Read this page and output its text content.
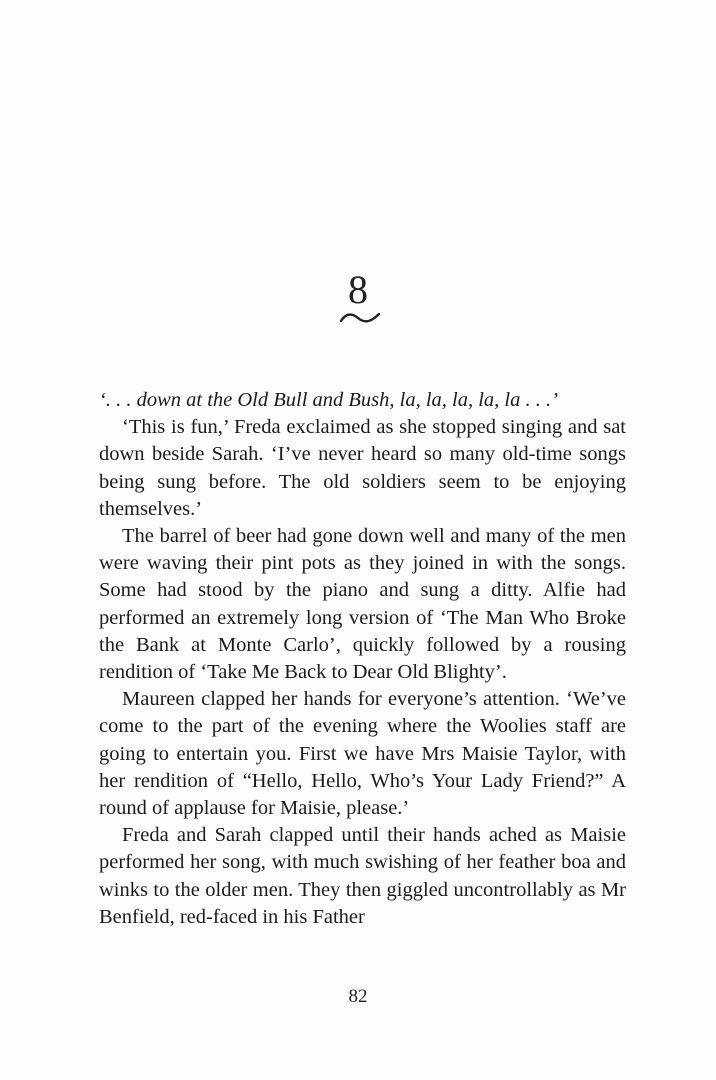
8

‘. . . down at the Old Bull and Bush, la, la, la, la, la . . .’

‘This is fun,’ Freda exclaimed as she stopped singing and sat down beside Sarah. ‘I’ve never heard so many old-time songs being sung before. The old soldiers seem to be enjoying themselves.’

The barrel of beer had gone down well and many of the men were waving their pint pots as they joined in with the songs. Some had stood by the piano and sung a ditty. Alfie had performed an extremely long version of ‘The Man Who Broke the Bank at Monte Carlo’, quickly followed by a rousing rendition of ‘Take Me Back to Dear Old Blighty’.

Maureen clapped her hands for everyone’s attention. ‘We’ve come to the part of the evening where the Woolies staff are going to entertain you. First we have Mrs Maisie Taylor, with her rendition of “Hello, Hello, Who’s Your Lady Friend?” A round of applause for Maisie, please.’

Freda and Sarah clapped until their hands ached as Maisie performed her song, with much swishing of her feather boa and winks to the older men. They then giggled uncontrollably as Mr Benfield, red-faced in his Father

82
